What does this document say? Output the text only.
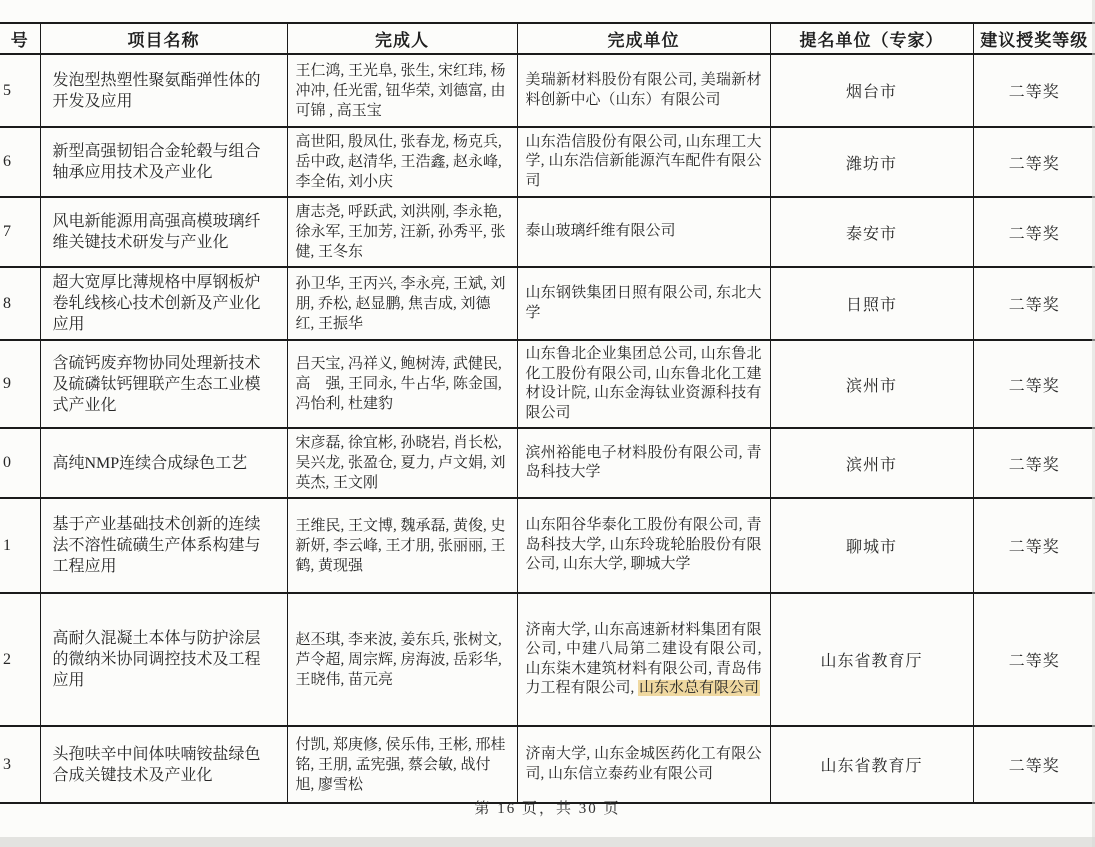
号	项目名称	完成人	完成单位	提名单位（专家）	建议授奖等级
5	发泡型热塑性聚氨酯弹性体的开发及应用	王仁鸿, 王光阜, 张生, 宋红玮, 杨冲冲, 任光雷, 钮华荣, 刘德富, 由可锦 , 高玉宝	美瑞新材料股份有限公司, 美瑞新材料创新中心（山东）有限公司	烟台市	二等奖
6	新型高强韧铝合金轮毂与组合轴承应用技术及产业化	高世阳, 殷凤仕, 张春龙, 杨克兵, 岳中政, 赵清华, 王浩鑫, 赵永峰, 李全佑, 刘小庆	山东浩信股份有限公司, 山东理工大学, 山东浩信新能源汽车配件有限公司	潍坊市	二等奖
7	风电新能源用高强高模玻璃纤维关键技术研发与产业化	唐志尧, 呼跃武, 刘洪刚, 李永艳, 徐永军, 王加芳, 汪新, 孙秀平, 张健, 王冬东	泰山玻璃纤维有限公司	泰安市	二等奖
8	超大宽厚比薄规格中厚钢板炉卷轧线核心技术创新及产业化应用	孙卫华, 王丙兴, 李永亮, 王斌, 刘朋, 乔松, 赵显鹏, 焦吉成, 刘德红, 王振华	山东钢铁集团日照有限公司, 东北大学	日照市	二等奖
9	含硫钙废弃物协同处理新技术及硫磷钛钙锂联产生态工业模式产业化	吕天宝, 冯祥义, 鲍树涛, 武健民, 高　强, 王同永, 牛占华, 陈金国, 冯怡利, 杜建豹	山东鲁北企业集团总公司, 山东鲁北化工股份有限公司, 山东鲁北化工建材设计院, 山东金海钛业资源科技有限公司	滨州市	二等奖
0	高纯NMP连续合成绿色工艺	宋彦磊, 徐宜彬, 孙晓岩, 肖长松, 吴兴龙, 张盈仓, 夏力, 卢文娟, 刘英杰, 王文刚	滨州裕能电子材料股份有限公司, 青岛科技大学	滨州市	二等奖
1	基于产业基础技术创新的连续法不溶性硫磺生产体系构建与工程应用	王维民, 王文博, 魏承磊, 黄俊, 史新妍, 李云峰, 王才朋, 张丽丽, 王鹤, 黄现强	山东阳谷华泰化工股份有限公司, 青岛科技大学, 山东玲珑轮胎股份有限公司, 山东大学, 聊城大学	聊城市	二等奖
2	高耐久混凝土本体与防护涂层的微纳米协同调控技术及工程应用	赵丕琪, 李来波, 姜东兵, 张树文, 芦令超, 周宗辉, 房海波, 岳彩华, 王晓伟, 苗元亮	济南大学, 山东高速新材料集团有限公司, 中建八局第二建设有限公司, 山东柒木建筑材料有限公司, 青岛伟力工程有限公司, 山东水总有限公司	山东省教育厅	二等奖
3	头孢呋辛中间体呋喃铵盐绿色合成关键技术及产业化	付凯, 郑庚修, 侯乐伟, 王彬, 邢桂铭, 王朋, 孟宪强, 蔡会敏, 战付旭, 廖雪松	济南大学, 山东金城医药化工有限公司, 山东信立泰药业有限公司	山东省教育厅	二等奖
第 16 页，共 30 页
